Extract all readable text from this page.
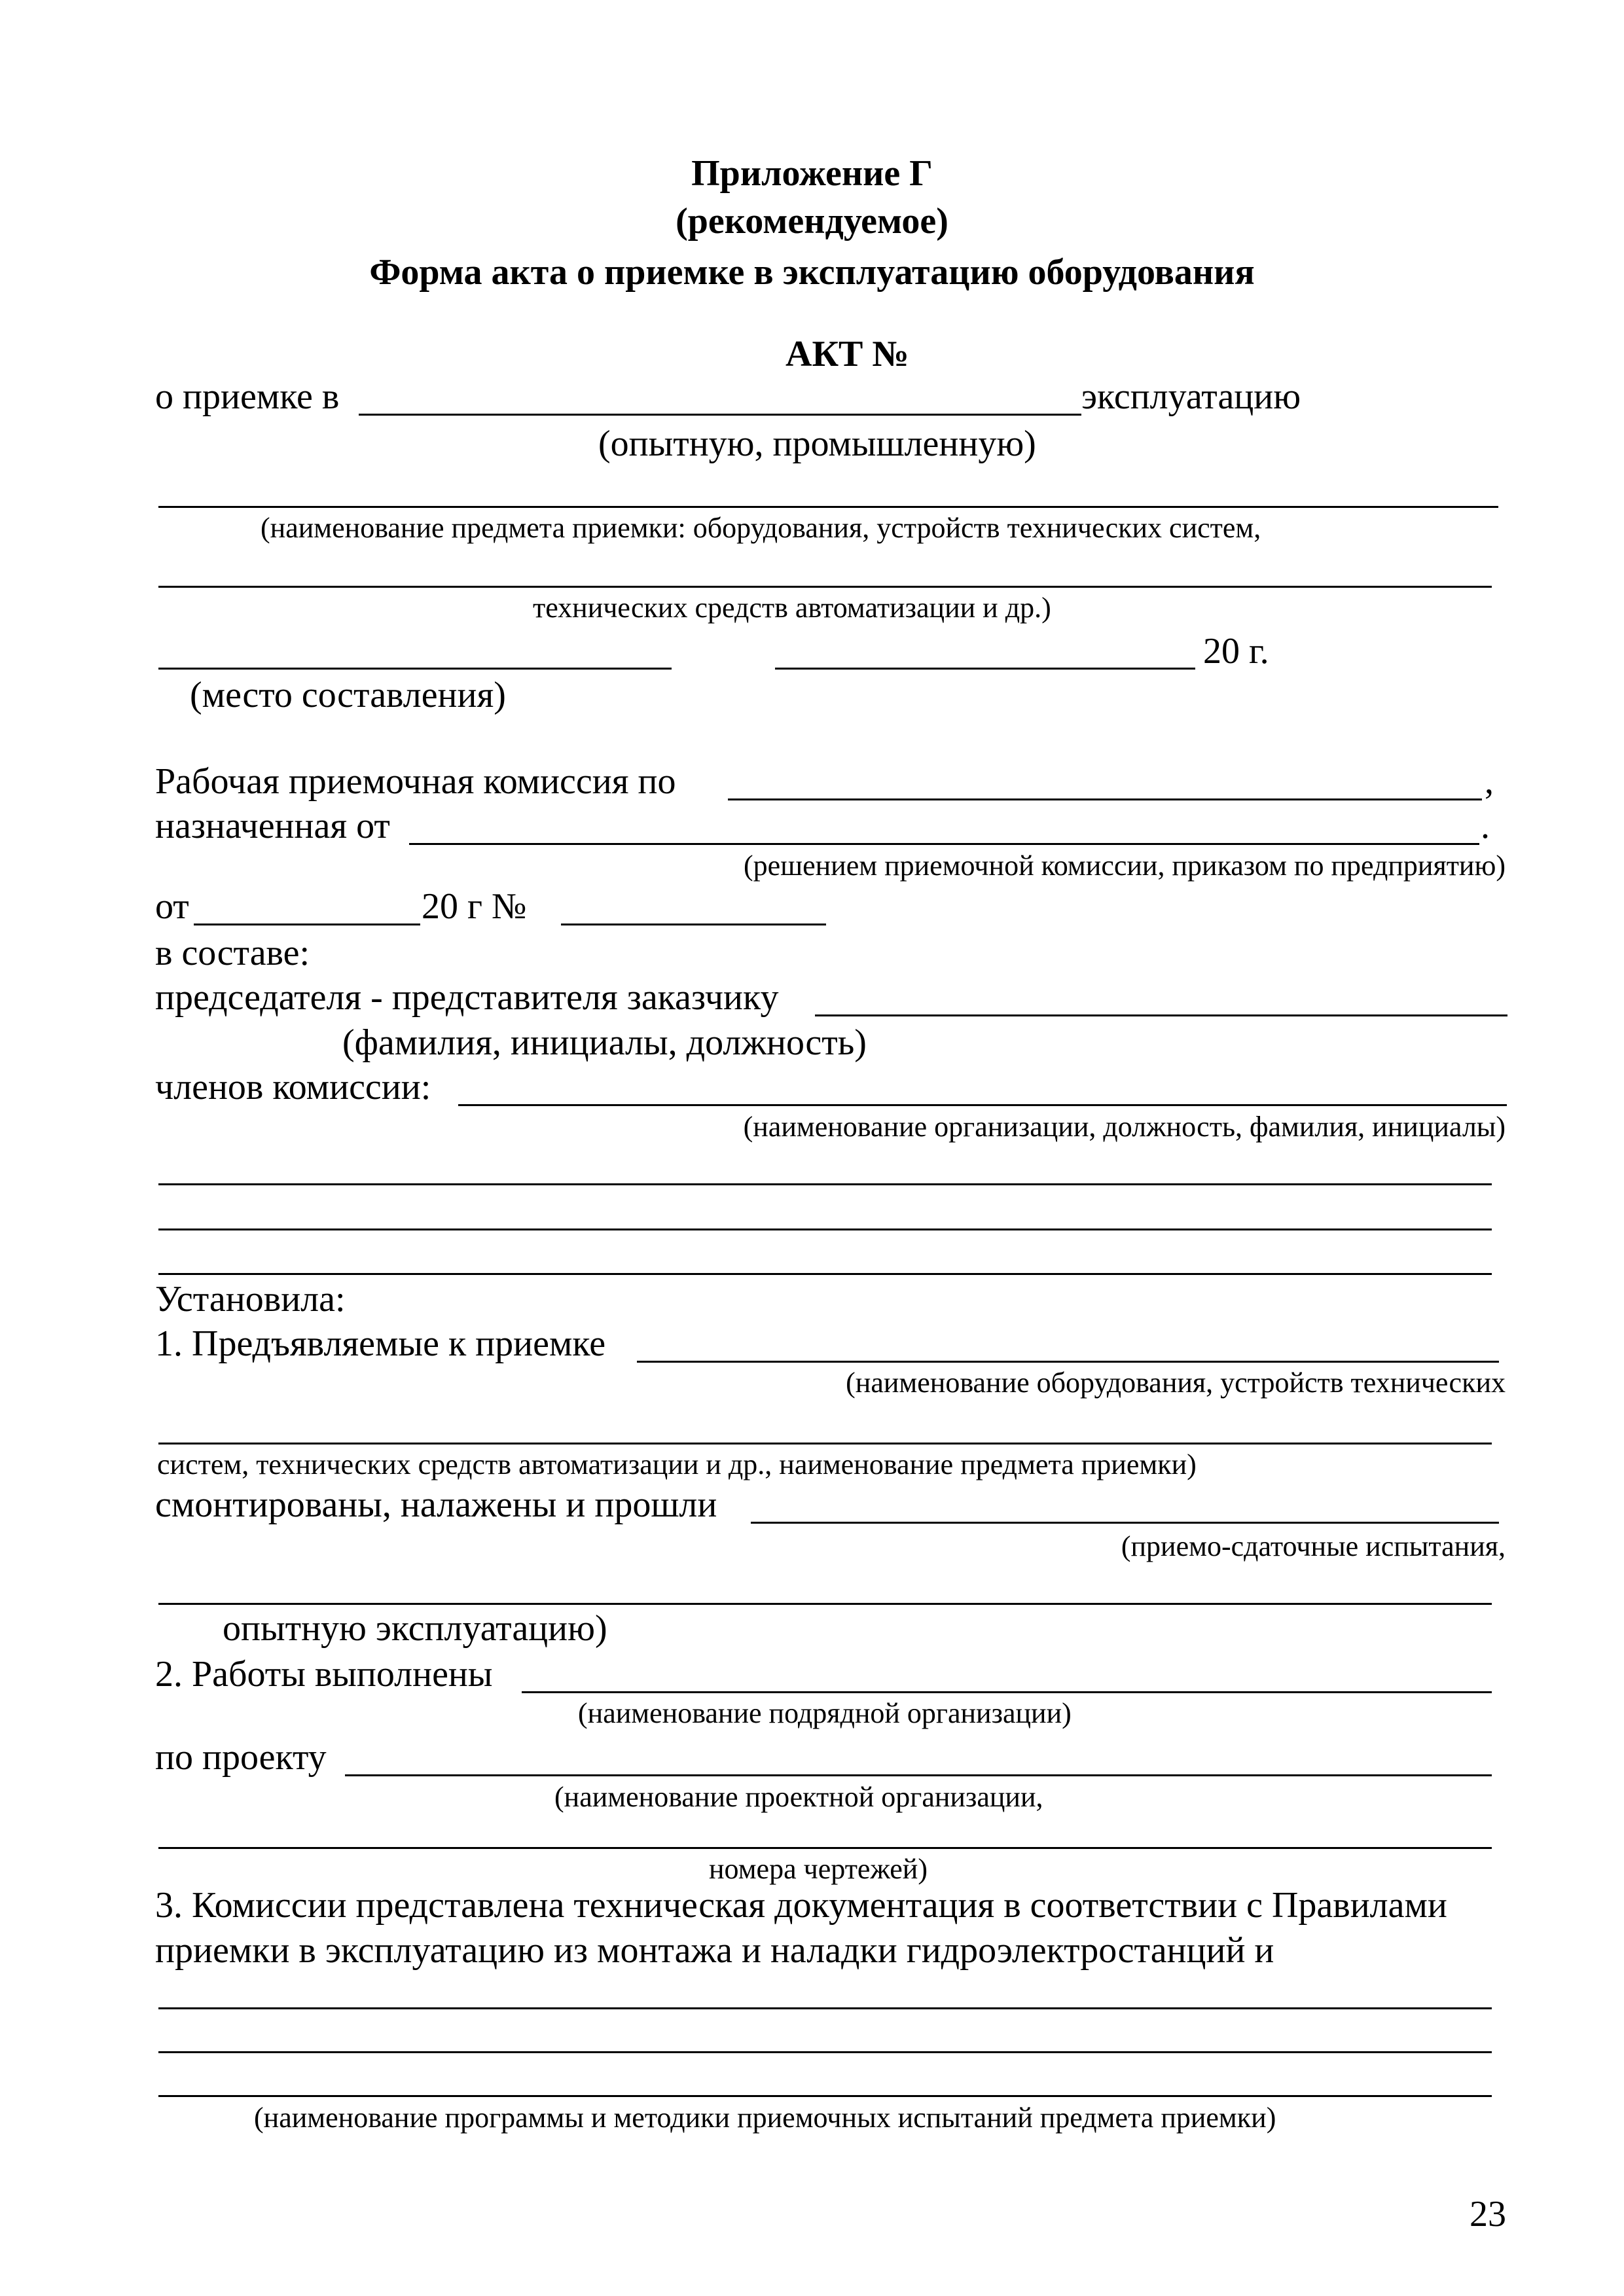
Приложение Г
(рекомендуемое)
Форма акта о приемке в эксплуатацию оборудования
АКТ №
о приемке в	эксплуатацию
(опытную, промышленную)
(наименование предмета приемки: оборудования, устройств технических систем,
технических средств автоматизации и др.)
20 г.
(место составления)
Рабочая приемочная комиссия по	,
назначенная от	.
(решением приемочной комиссии, приказом по предприятию)
от	20 г №
в составе:
председателя - представителя заказчику
(фамилия, инициалы, должность)
членов комиссии:
(наименование организации, должность, фамилия, инициалы)
Установила:
1. Предъявляемые к приемке
(наименование оборудования, устройств технических
систем, технических средств автоматизации и др., наименование предмета приемки)
смонтированы, налажены и прошли
(приемо-сдаточные испытания,
опытную эксплуатацию)
2. Работы выполнены
(наименование подрядной организации)
по проекту
(наименование проектной организации,
номера чертежей)
3. Комиссии представлена техническая документация в соответствии с Правилами
приемки в эксплуатацию из монтажа и наладки гидроэлектростанций и
(наименование программы и методики приемочных испытаний предмета приемки)
23
